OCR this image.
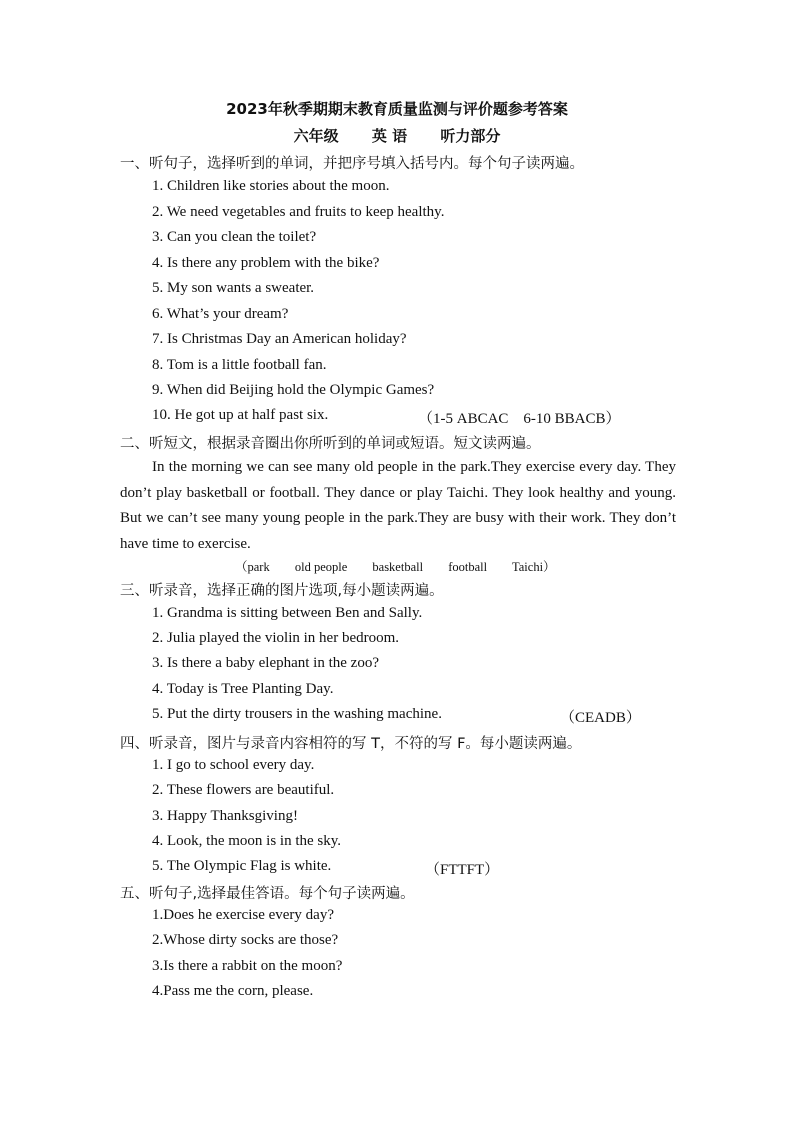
2023年秋季期期末教育质量监测与评价题参考答案
六年级 英 语 听力部分
一、听句子，选择听到的单词，并把序号填入括号内。每个句子读两遍。
1. Children like stories about the moon.
2. We need vegetables and fruits to keep healthy.
3. Can you clean the toilet?
4. Is there any problem with the bike?
5. My son wants a sweater.
6. What’s your dream?
7. Is Christmas Day an American holiday?
8. Tom is a little football fan.
9. When did Beijing hold the Olympic Games?
10. He got up at half past six.	（1-5 ABCAC　6-10 BBACB）
二、听短文，根据录音圈出你所听到的单词或短语。短文读两遍。
In the morning we can see many old people in the park.They exercise every day. They don’t play basketball or football. They dance or play Taichi. They look healthy and young. But we can’t see many young people in the park.They are busy with their work. They don’t have time to exercise.
（park old people basketball football Taichi）
三、听录音，选择正确的图片选项,每小题读两遍。
1. Grandma is sitting between Ben and Sally.
2. Julia played the violin in her bedroom.
3. Is there a baby elephant in the zoo?
4. Today is Tree Planting Day.
5. Put the dirty trousers in the washing machine.	（CEADB）
四、听录音，图片与录音内容相符的写 T，不符的写 F。每小题读两遍。
1. I go to school every day.
2. These flowers are beautiful.
3. Happy Thanksgiving!
4. Look, the moon is in the sky.
5. The Olympic Flag is white.	（FTTFT）
五、听句子,选择最佳答语。每个句子读两遍。
1.Does he exercise every day?
2.Whose dirty socks are those?
3.Is there a rabbit on the moon?
4.Pass me the corn, please.
